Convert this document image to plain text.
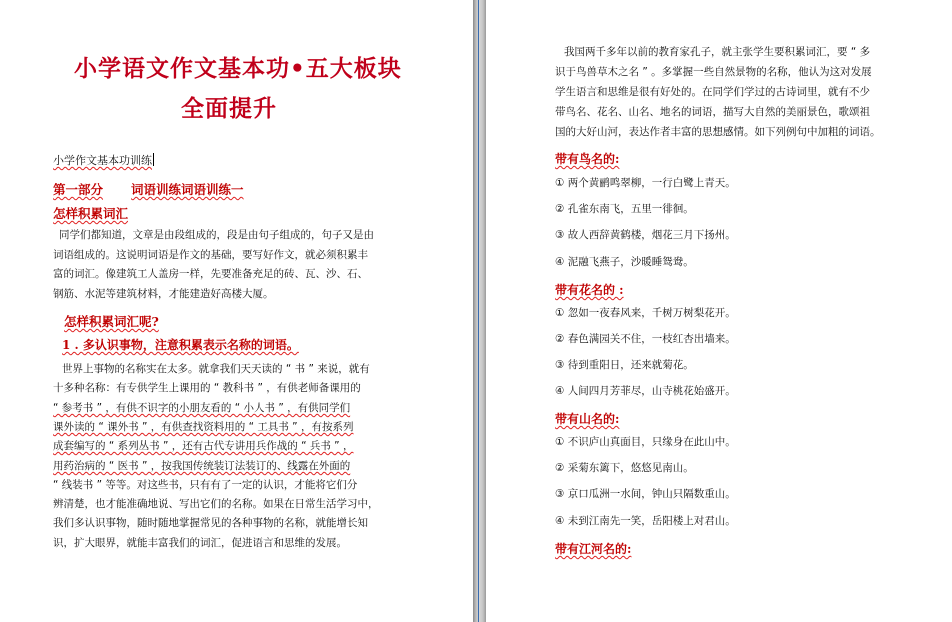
小学语文作文基本功•五大板块
全面提升
小学作文基本功训练
第一部分 词语训练词语训练一
怎样积累词汇
同学们都知道，文章是由段组成的，段是由句子组成的，句子又是由
词语组成的。这说明词语是作文的基础，要写好作文，就必须积累丰
富的词汇。像建筑工人盖房一样，先要准备充足的砖、瓦、沙、石、
钢筋、水泥等建筑材料，才能建造好高楼大厦。
怎样积累词汇呢?
1 . 多认识事物，注意积累表示名称的词语。
世界上事物的名称实在太多。就拿我们天天读的 “ 书 ” 来说，就有
十多种名称：有专供学生上课用的 “ 教科书 ” ，有供老师备课用的
“ 参考书 ” ，有供不识字的小朋友看的 “ 小人书 ” ，有供同学们
课外读的 “ 课外书 ” ，有供查找资料用的 “ 工具书 ” ，有按系列
成套编写的 “ 系列丛书 ” ，还有古代专讲用兵作战的 “ 兵书 ” ，
用药治病的 “ 医书 ” ，按我国传统装订法装订的、线露在外面的
“ 线装书 ” 等等。对这些书，只有有了一定的认识，才能将它们分
辨清楚，也才能准确地说、写出它们的名称。如果在日常生活学习中，
我们多认识事物，随时随地掌握常见的各种事物的名称，就能增长知
识，扩大眼界，就能丰富我们的词汇，促进语言和思维的发展。
我国两千多年以前的教育家孔子，就主张学生要积累词汇，要 “ 多
识于鸟兽草木之名 ” 。多掌握一些自然景物的名称，他认为这对发展
学生语言和思维是很有好处的。在同学们学过的古诗词里，就有不少
带鸟名、花名、山名、地名的词语，描写大自然的美丽景色，歌颂祖
国的大好山河，表达作者丰富的思想感情。如下列例句中加粗的词语。
带有鸟名的:
① 两个黄鹂鸣翠柳，一行白鹭上青天。
② 孔雀东南飞，五里一徘徊。
③ 故人西辞黄鹤楼，烟花三月下扬州。
④ 泥融飞燕子，沙暖睡鸳鸯。
带有花名的 :
① 忽如一夜春风来，千树万树梨花开。
② 春色满园关不住，一枝红杏出墙来。
③ 待到重阳日，还来就菊花。
④ 人间四月芳菲尽，山寺桃花始盛开。
带有山名的:
① 不识庐山真面目，只缘身在此山中。
② 采菊东篱下，悠悠见南山。
③ 京口瓜洲一水间，钟山只隔数重山。
④ 未到江南先一笑，岳阳楼上对君山。
带有江河名的:
